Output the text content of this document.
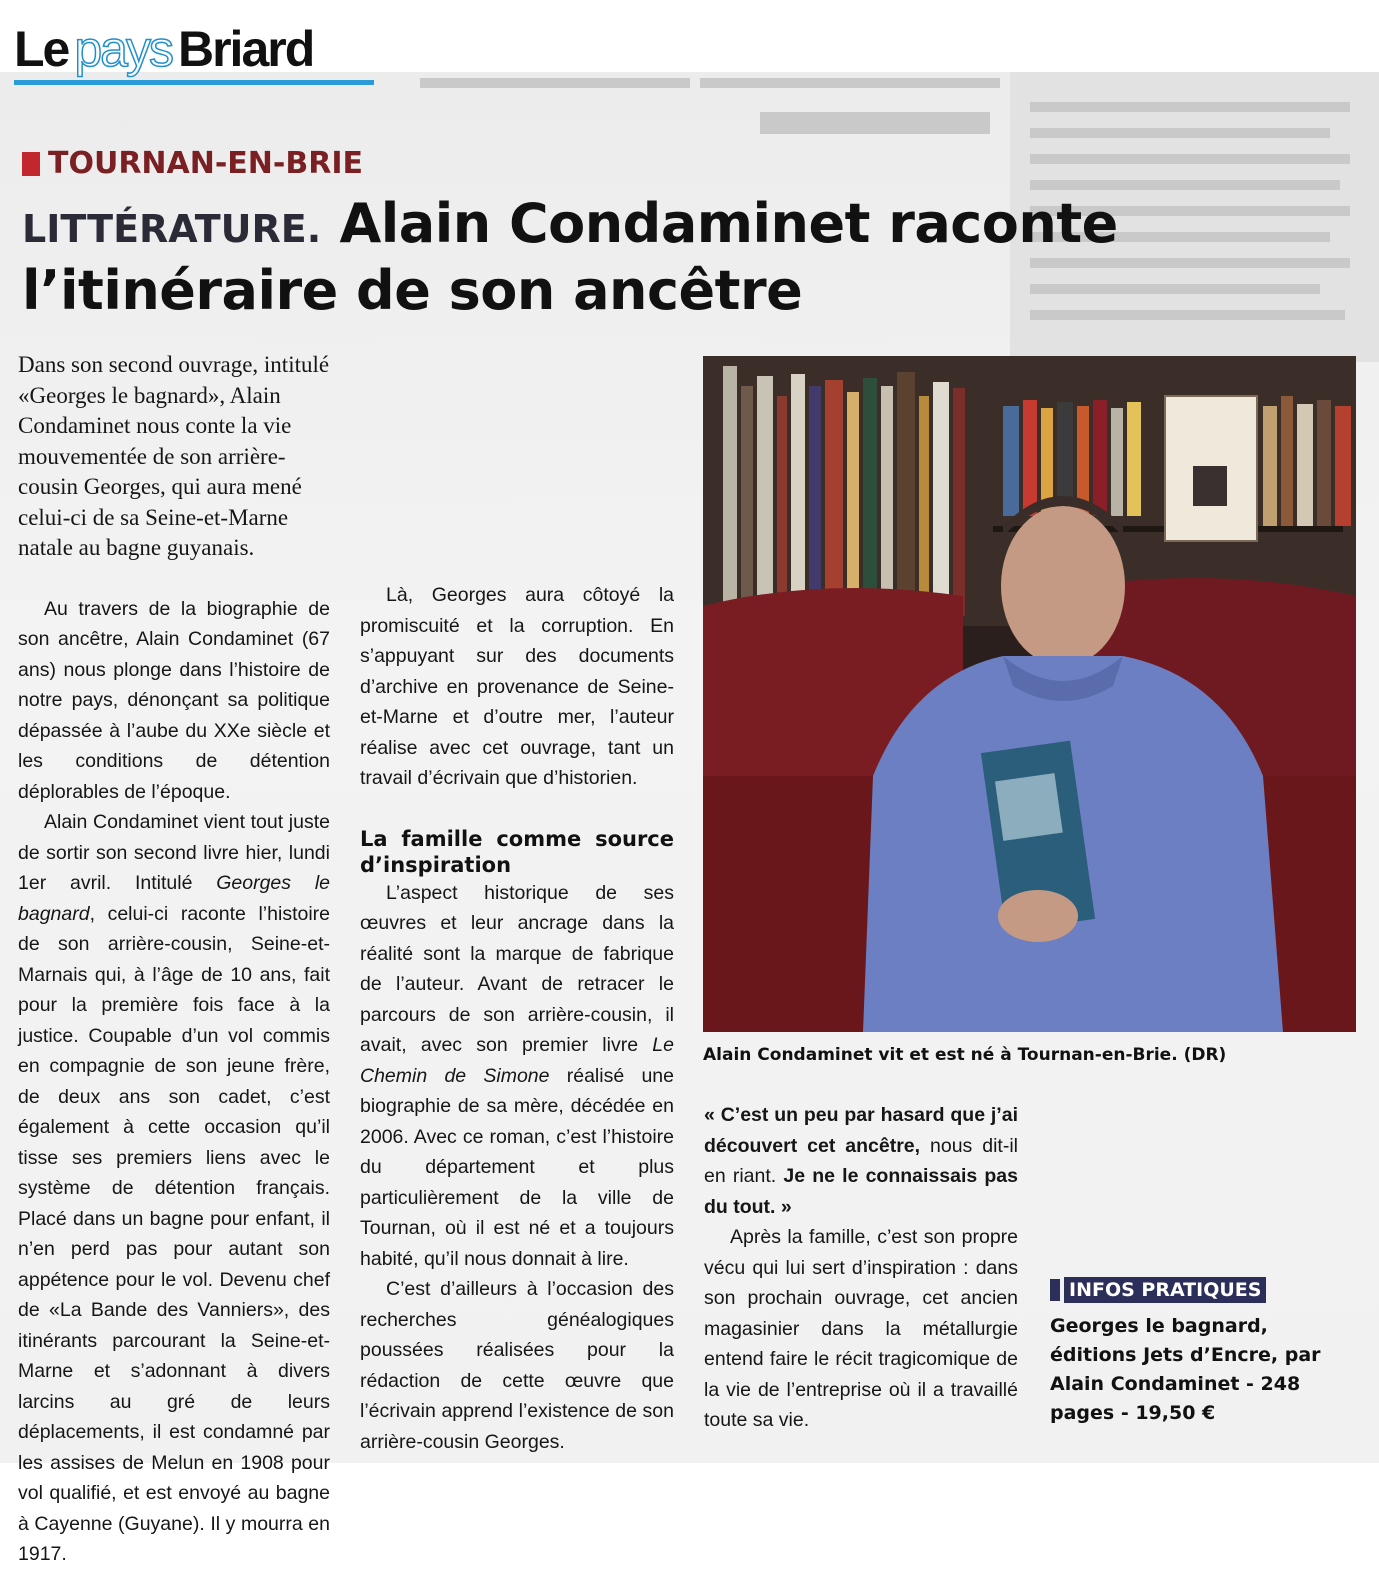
Le pays Briard
TOURNAN-EN-BRIE
LITTÉRATURE. Alain Condaminet raconte l’itinéraire de son ancêtre

Dans son second ouvrage, intitulé «Georges le bagnard», Alain Condaminet nous conte la vie mouvementée de son arrière-cousin Georges, qui aura mené celui-ci de sa Seine-et-Marne natale au bagne guyanais.

Au travers de la biographie de son ancêtre, Alain Condaminet (67 ans) nous plonge dans l’histoire de notre pays, dénonçant sa politique dépassée à l’aube du XXe siècle et les conditions de détention déplorables de l’époque.

Alain Condaminet vient tout juste de sortir son second livre hier, lundi 1er avril. Intitulé Georges le bagnard, celui-ci raconte l’histoire de son arrière-cousin, Seine-et-Marnais qui, à l’âge de 10 ans, fait pour la première fois face à la justice. Coupable d’un vol commis en compagnie de son jeune frère, de deux ans son cadet, c’est également à cette occasion qu’il tisse ses premiers liens avec le système de détention français. Placé dans un bagne pour enfant, il n’en perd pas pour autant son appétence pour le vol. Devenu chef de «La Bande des Vanniers», des itinérants parcourant la Seine-et-Marne et s’adonnant à divers larcins au gré de leurs déplacements, il est condamné par les assises de Melun en 1908 pour vol qualifié, et est envoyé au bagne à Cayenne (Guyane). Il y mourra en 1917.

Là, Georges aura côtoyé la promiscuité et la corruption. En s’appuyant sur des documents d’archive en provenance de Seine-et-Marne et d’outre mer, l’auteur réalise avec cet ouvrage, tant un travail d’écrivain que d’historien.

La famille comme source d’inspiration

L’aspect historique de ses œuvres et leur ancrage dans la réalité sont la marque de fabrique de l’auteur. Avant de retracer le parcours de son arrière-cousin, il avait, avec son premier livre Le Chemin de Simone réalisé une biographie de sa mère, décédée en 2006. Avec ce roman, c’est l’histoire du département et plus particulièrement de la ville de Tournan, où il est né et a toujours habité, qu’il nous donnait à lire.

C’est d’ailleurs à l’occasion des recherches généalogiques poussées réalisées pour la rédaction de cette œuvre que l’écrivain apprend l’existence de son arrière-cousin Georges.

« C’est un peu par hasard que j’ai découvert cet ancêtre, nous dit-il en riant. Je ne le connaissais pas du tout. »

Après la famille, c’est son propre vécu qui lui sert d’inspiration : dans son prochain ouvrage, cet ancien magasinier dans la métallurgie entend faire le récit tragicomique de la vie de l’entreprise où il a travaillé toute sa vie.

Alain Condaminet vit et est né à Tournan-en-Brie. (DR)
INFOS PRATIQUES
Georges le bagnard, éditions Jets d’Encre, par Alain Condaminet - 248 pages - 19,50 €
